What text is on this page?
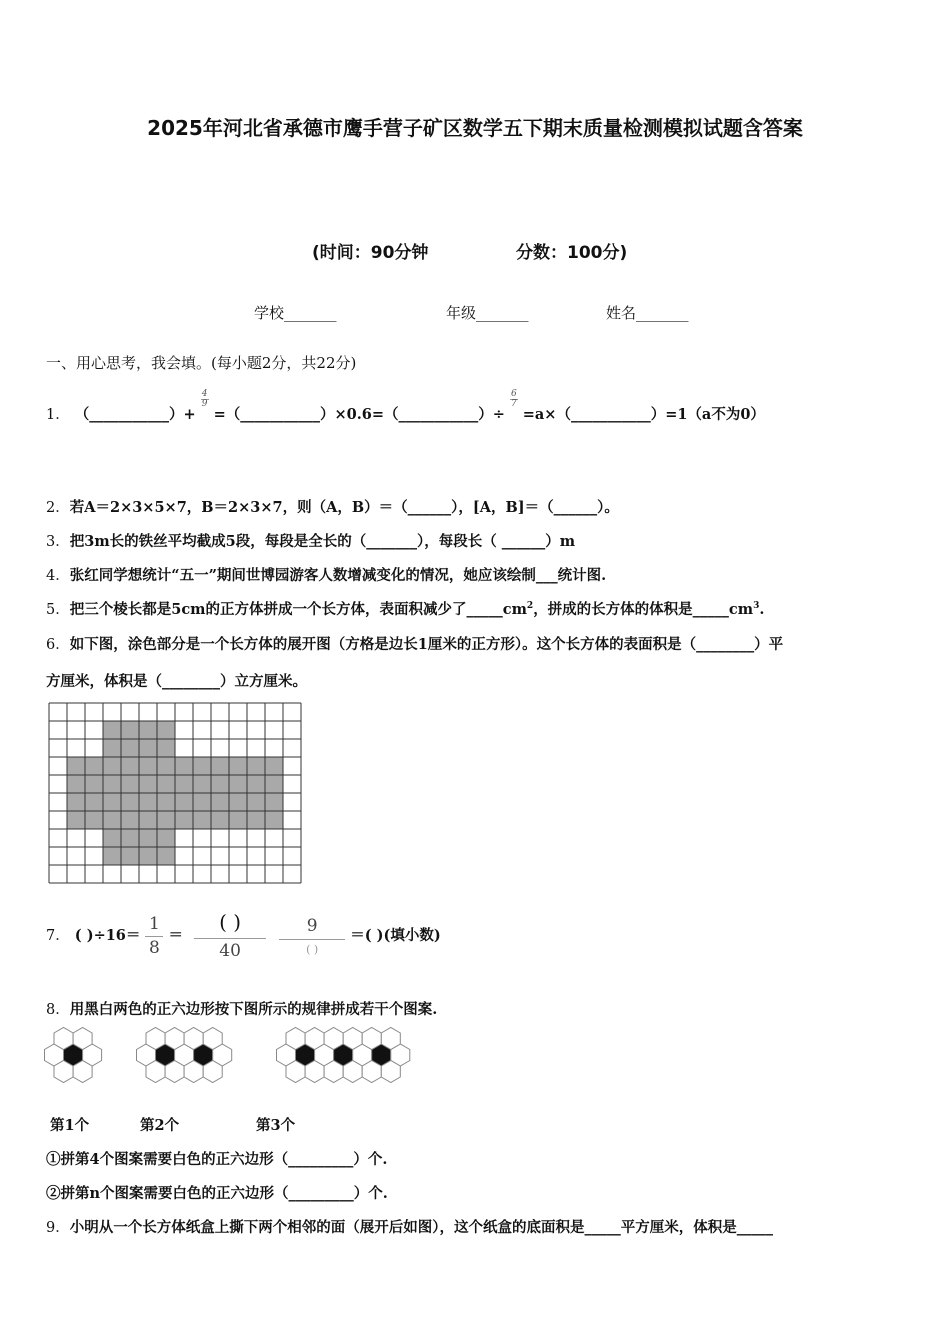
2025年河北省承德市鹰手营子矿区数学五下期末质量检测模拟试题含答案
(时间：90分钟	分数：100分)
学校_______	年级_______	姓名_______
一、用心思考，我会填。(每小题2分，共22分)
1． （___________）+
$\frac{4}{9}$
=（___________）×0.6=（___________）÷
$\frac{6}{7}$
=a×（___________）=1（a不为0）
2．若A＝2×3×5×7，B＝2×3×7，则（A，B）＝（______），[A，B]＝（______）。
3．把3m长的铁丝平均截成5段，每段是全长的（_______），每段长（ ______）m
4．张红同学想统计“五一”期间世博园游客人数增减变化的情况，她应该绘制___统计图.
5．把三个棱长都是5cm的正方体拼成一个长方体，表面积减少了$\_\_\_\_\_cm^2$，拼成的长方体的体积是$\_\_\_\_\_cm^3$.
6．如下图，涂色部分是一个长方体的展开图（方格是边长1厘米的正方形）。这个长方体的表面积是（________）平
方厘米，体积是（________）立方厘米。
7． ( )$\div 16= \frac{1}{8} = \frac{( )}{40}$
$\frac{9}{( )}$ ＝( )(填小数)
8．用黑白两色的正六边形按下图所示的规律拼成若干个图案.
第1个	第2个	第3个
①拼第4个图案需要白色的正六边形（_________）个.
②拼第n个图案需要白色的正六边形（_________）个.
9．小明从一个长方体纸盒上撕下两个相邻的面（展开后如图），这个纸盒的底面积是_____平方厘米，体积是_____
